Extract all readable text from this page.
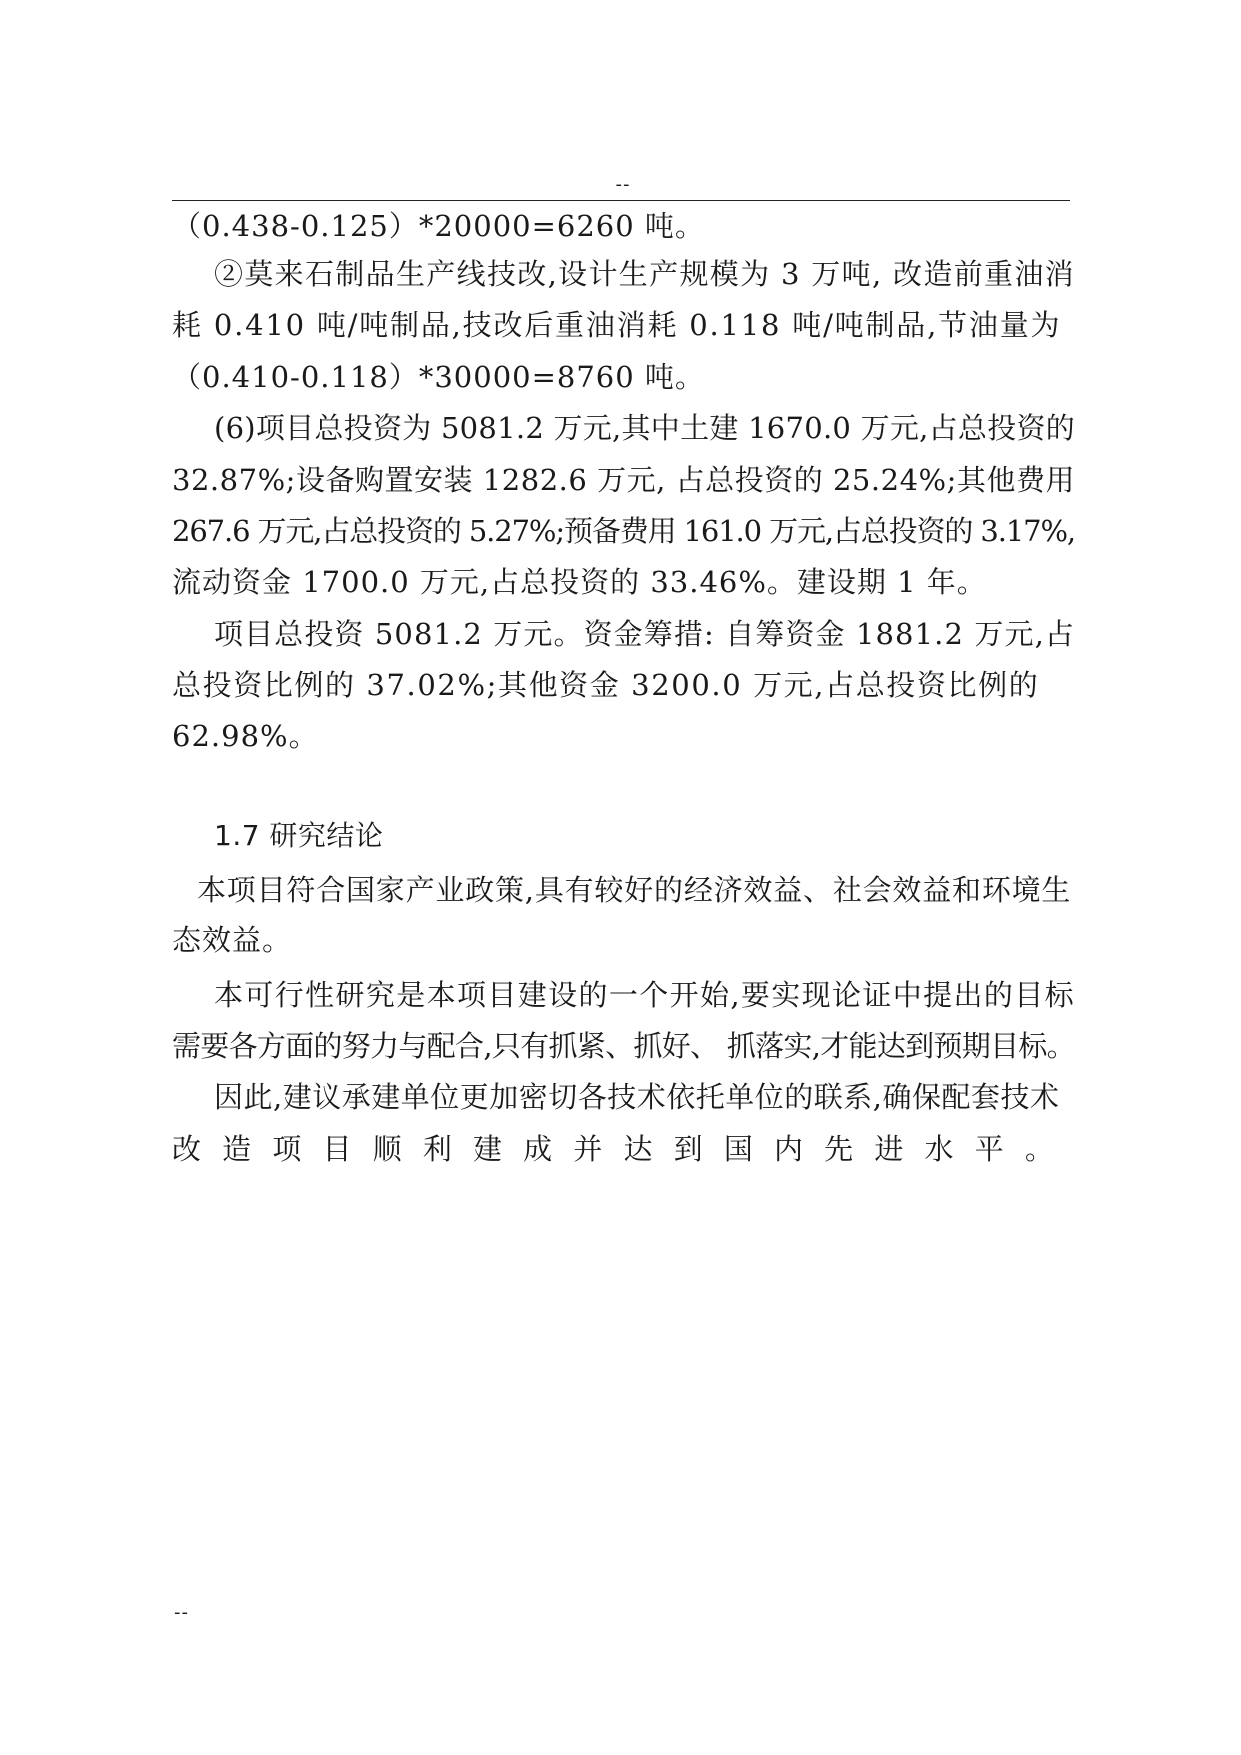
--
（0.438-0.125）*20000=6260 吨。
②莫来石制品生产线技改,设计生产规模为 3 万吨, 改造前重油消
耗 0.410 吨/吨制品,技改后重油消耗 0.118 吨/吨制品,节油量为
（0.410-0.118）*30000=8760 吨。
(6)项目总投资为 5081.2 万元,其中土建 1670.0 万元,占总投资的
32.87%;设备购置安装 1282.6 万元, 占总投资的 25.24%;其他费用
267.6 万元,占总投资的 5.27%;预备费用 161.0 万元,占总投资的 3.17%,
流动资金 1700.0 万元,占总投资的 33.46%。建设期 1 年。
项目总投资 5081.2 万元。资金筹措: 自筹资金 1881.2 万元,占
总投资比例的 37.02%;其他资金 3200.0 万元,占总投资比例的
62.98%。
1.7 研究结论
本项目符合国家产业政策,具有较好的经济效益、社会效益和环境生
态效益。
本可行性研究是本项目建设的一个开始,要实现论证中提出的目标
需要各方面的努力与配合,只有抓紧、抓好、 抓落实,才能达到预期目标。
因此,建议承建单位更加密切各技术依托单位的联系,确保配套技术
改造项目顺利建成并达到国内先进水平。
--
